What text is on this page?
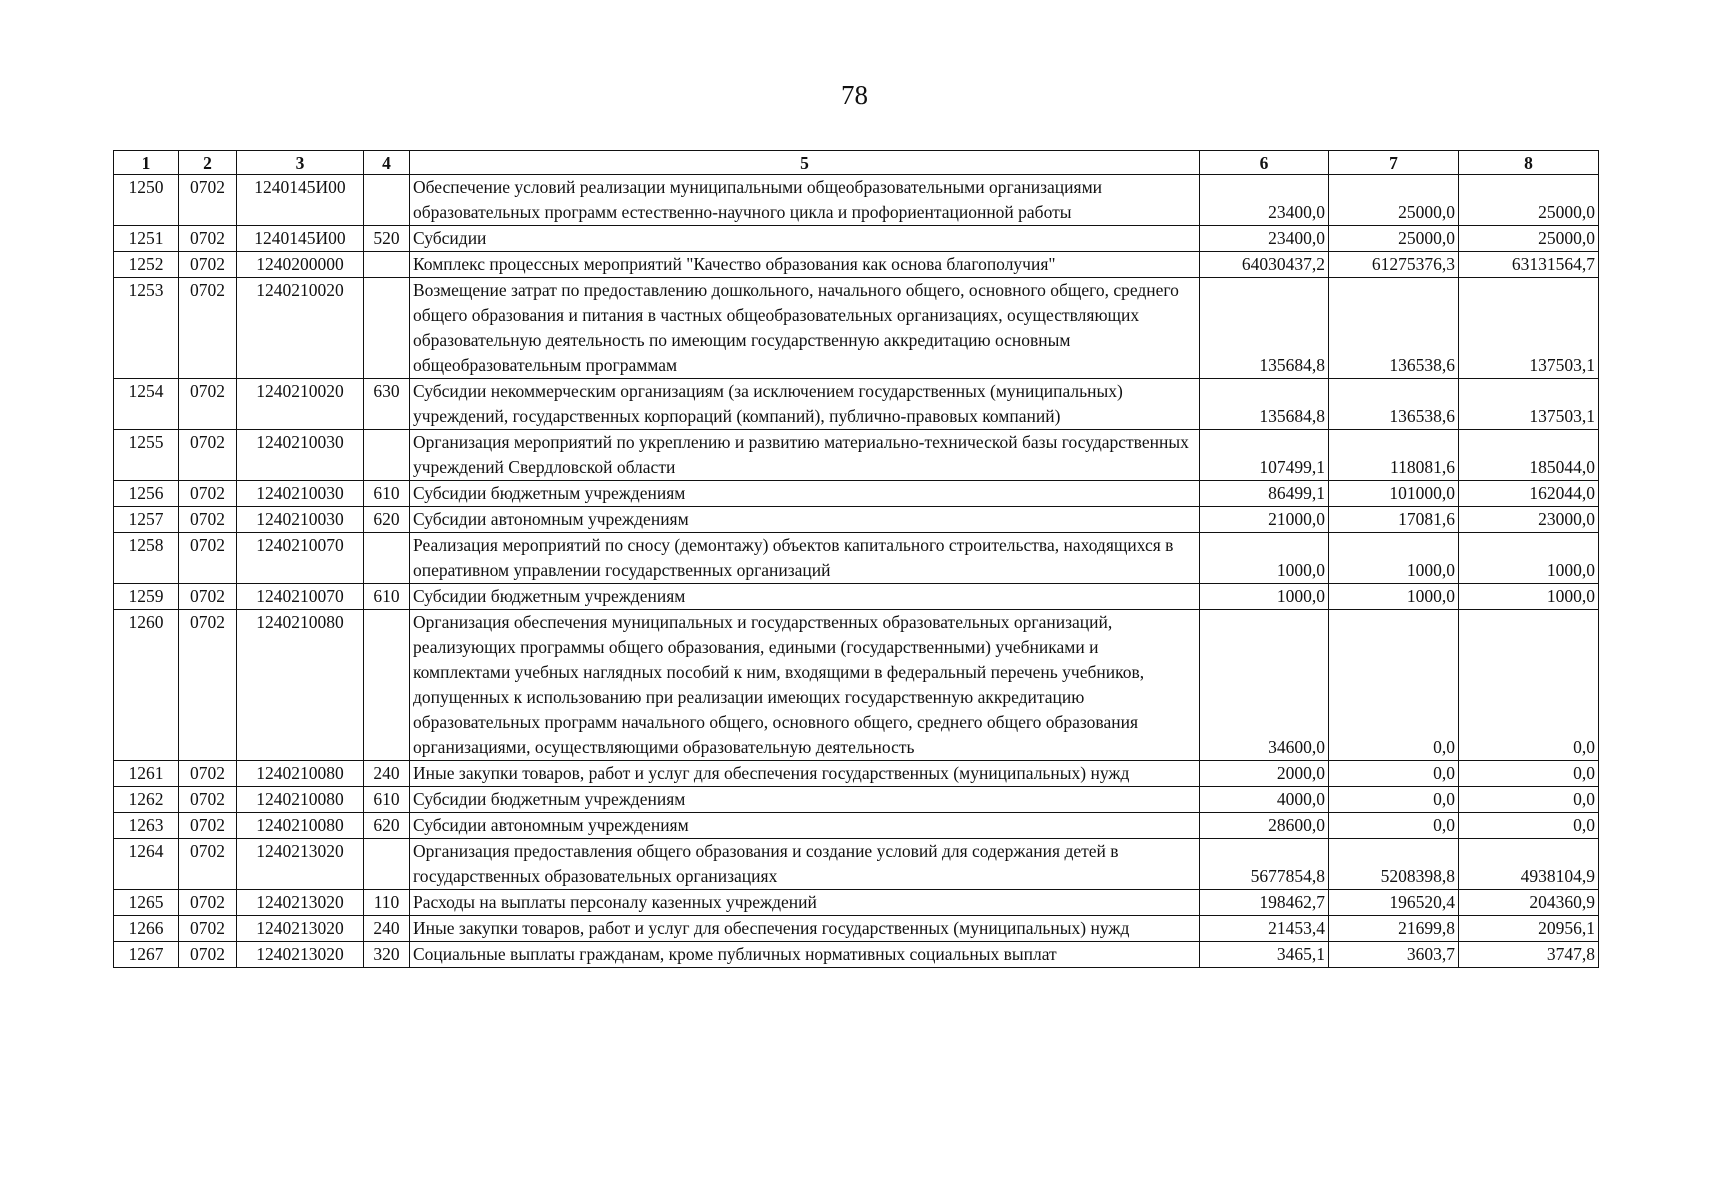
78
1	2	3	4	5	6	7	8
1250	0702	1240145И00		Обеспечение условий реализации муниципальными общеобразовательными организациями образовательных программ естественно-научного цикла и профориентационной работы	23400,0	25000,0	25000,0
1251	0702	1240145И00	520	Субсидии	23400,0	25000,0	25000,0
1252	0702	1240200000		Комплекс процессных мероприятий "Качество образования как основа благополучия"	64030437,2	61275376,3	63131564,7
1253	0702	1240210020		Возмещение затрат по предоставлению дошкольного, начального общего, основного общего, среднего общего образования и питания в частных общеобразовательных организациях, осуществляющих образовательную деятельность по имеющим государственную аккредитацию основным общеобразовательным программам	135684,8	136538,6	137503,1
1254	0702	1240210020	630	Субсидии некоммерческим организациям (за исключением государственных (муниципальных) учреждений, государственных корпораций (компаний), публично-правовых компаний)	135684,8	136538,6	137503,1
1255	0702	1240210030		Организация мероприятий по укреплению и развитию материально-технической базы государственных учреждений Свердловской области	107499,1	118081,6	185044,0
1256	0702	1240210030	610	Субсидии бюджетным учреждениям	86499,1	101000,0	162044,0
1257	0702	1240210030	620	Субсидии автономным учреждениям	21000,0	17081,6	23000,0
1258	0702	1240210070		Реализация мероприятий по сносу (демонтажу) объектов капитального строительства, находящихся в оперативном управлении государственных организаций	1000,0	1000,0	1000,0
1259	0702	1240210070	610	Субсидии бюджетным учреждениям	1000,0	1000,0	1000,0
1260	0702	1240210080		Организация обеспечения муниципальных и государственных образовательных организаций, реализующих программы общего образования, едиными (государственными) учебниками и комплектами учебных наглядных пособий к ним, входящими в федеральный перечень учебников, допущенных к использованию при реализации имеющих государственную аккредитацию образовательных программ начального общего, основного общего, среднего общего образования организациями, осуществляющими образовательную деятельность	34600,0	0,0	0,0
1261	0702	1240210080	240	Иные закупки товаров, работ и услуг для обеспечения государственных (муниципальных) нужд	2000,0	0,0	0,0
1262	0702	1240210080	610	Субсидии бюджетным учреждениям	4000,0	0,0	0,0
1263	0702	1240210080	620	Субсидии автономным учреждениям	28600,0	0,0	0,0
1264	0702	1240213020		Организация предоставления общего образования и создание условий для содержания детей в государственных образовательных организациях	5677854,8	5208398,8	4938104,9
1265	0702	1240213020	110	Расходы на выплаты персоналу казенных учреждений	198462,7	196520,4	204360,9
1266	0702	1240213020	240	Иные закупки товаров, работ и услуг для обеспечения государственных (муниципальных) нужд	21453,4	21699,8	20956,1
1267	0702	1240213020	320	Социальные выплаты гражданам, кроме публичных нормативных социальных выплат	3465,1	3603,7	3747,8
